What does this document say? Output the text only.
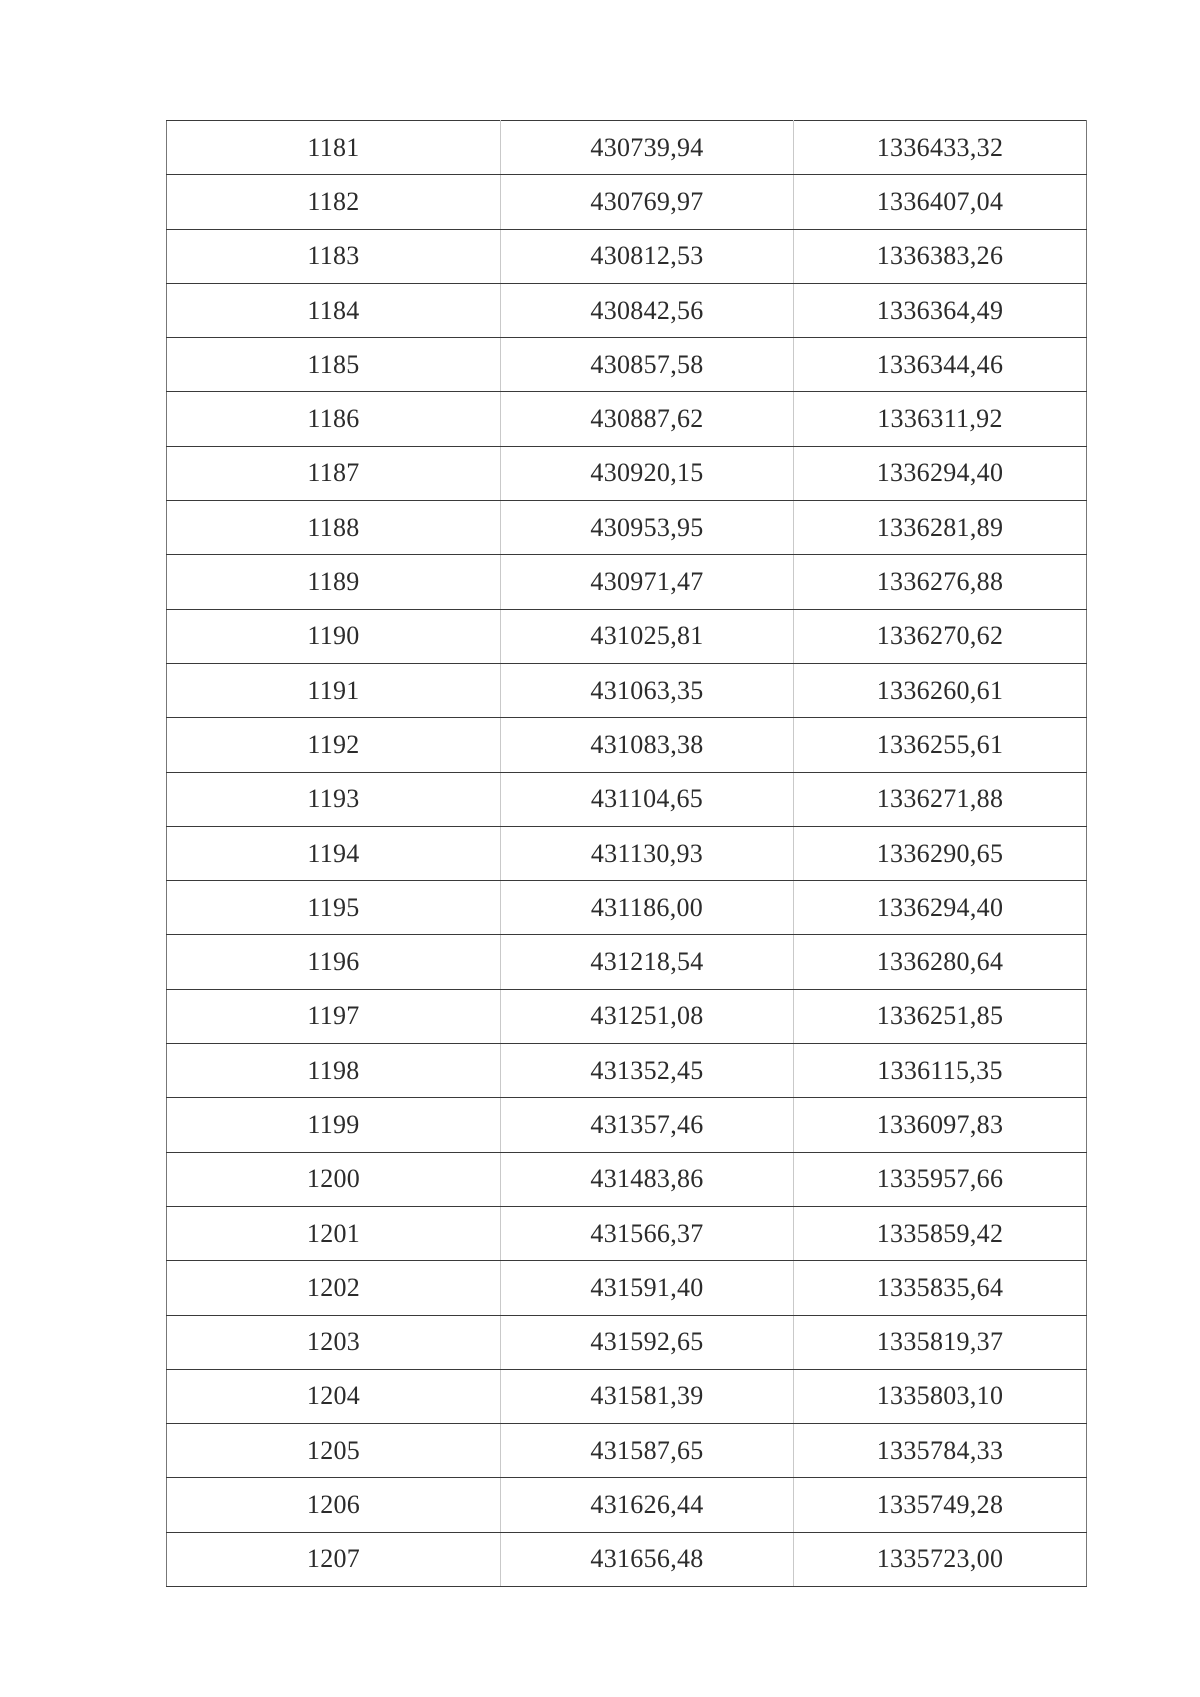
1181	430739,94	1336433,32
1182	430769,97	1336407,04
1183	430812,53	1336383,26
1184	430842,56	1336364,49
1185	430857,58	1336344,46
1186	430887,62	1336311,92
1187	430920,15	1336294,40
1188	430953,95	1336281,89
1189	430971,47	1336276,88
1190	431025,81	1336270,62
1191	431063,35	1336260,61
1192	431083,38	1336255,61
1193	431104,65	1336271,88
1194	431130,93	1336290,65
1195	431186,00	1336294,40
1196	431218,54	1336280,64
1197	431251,08	1336251,85
1198	431352,45	1336115,35
1199	431357,46	1336097,83
1200	431483,86	1335957,66
1201	431566,37	1335859,42
1202	431591,40	1335835,64
1203	431592,65	1335819,37
1204	431581,39	1335803,10
1205	431587,65	1335784,33
1206	431626,44	1335749,28
1207	431656,48	1335723,00
